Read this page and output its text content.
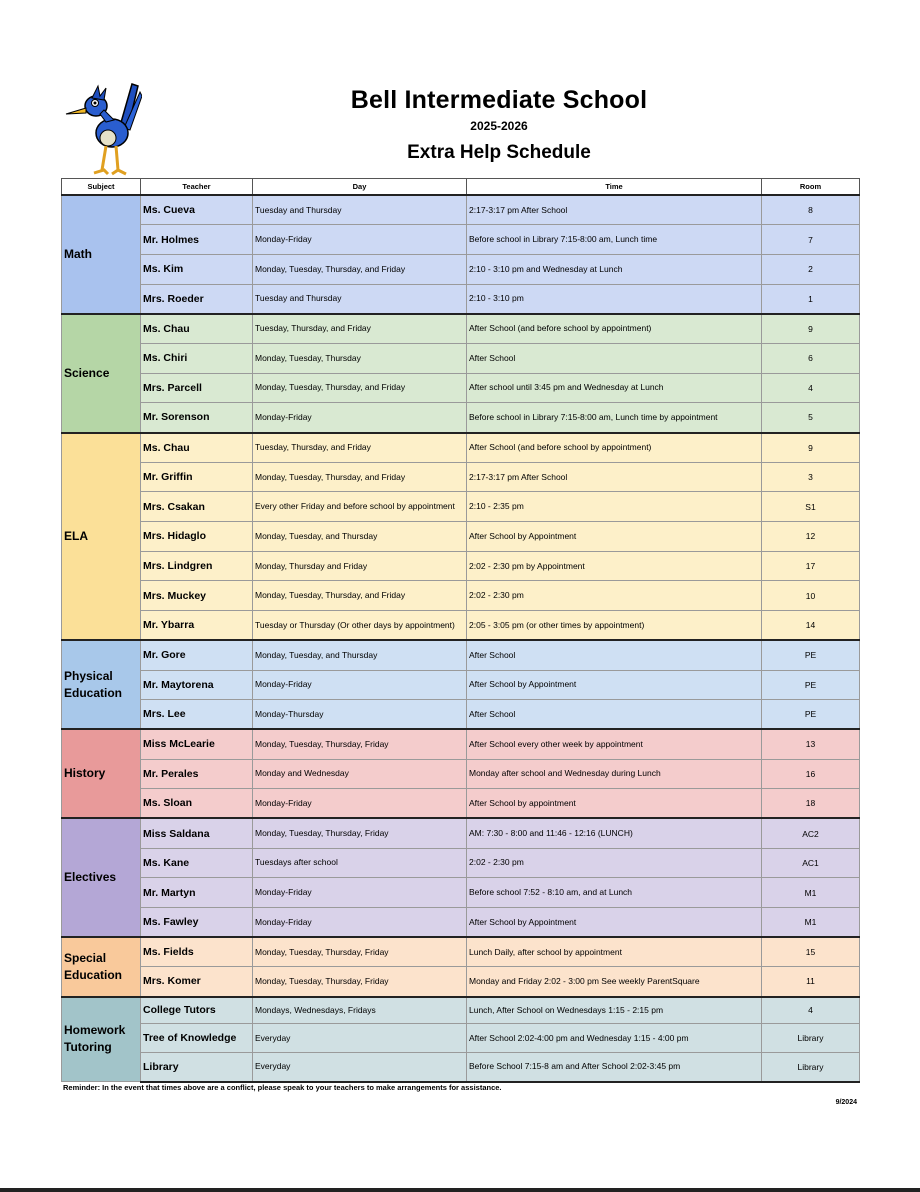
Bell Intermediate School
2025-2026
Extra Help Schedule
Subject	Teacher	Day	Time	Room
Math	Ms. Cueva	Tuesday and Thursday	2:17-3:17 pm After School	8
	Mr. Holmes	Monday-Friday	Before school in Library 7:15-8:00 am, Lunch time	7
	Ms. Kim	Monday, Tuesday, Thursday, and Friday	2:10 - 3:10 pm and Wednesday at Lunch	2
	Mrs. Roeder	Tuesday and Thursday	2:10 - 3:10 pm	1
Science	Ms. Chau	Tuesday, Thursday, and Friday	After School (and before school by appointment)	9
	Ms. Chiri	Monday, Tuesday, Thursday	After School	6
	Mrs. Parcell	Monday, Tuesday, Thursday, and Friday	After school until 3:45 pm and Wednesday at Lunch	4
	Mr. Sorenson	Monday-Friday	Before school in Library 7:15-8:00 am, Lunch time by appointment	5
ELA	Ms. Chau	Tuesday, Thursday, and Friday	After School (and before school by appointment)	9
	Mr. Griffin	Monday, Tuesday, Thursday, and Friday	2:17-3:17 pm After School	3
	Mrs. Csakan	Every other Friday and before school by appointment	2:10 - 2:35 pm	S1
	Mrs. Hidaglo	Monday, Tuesday, and Thursday	After School by Appointment	12
	Mrs. Lindgren	Monday, Thursday and Friday	2:02 - 2:30 pm by Appointment	17
	Mrs. Muckey	Monday, Tuesday, Thursday, and Friday	2:02 - 2:30 pm	10
	Mr. Ybarra	Tuesday or Thursday (Or other days by appointment)	2:05 - 3:05 pm (or other times by appointment)	14
Physical Education	Mr. Gore	Monday, Tuesday, and Thursday	After School	PE
	Mr. Maytorena	Monday-Friday	After School by Appointment	PE
	Mrs. Lee	Monday-Thursday	After School	PE
History	Miss McLearie	Monday, Tuesday, Thursday, Friday	After School every other week by appointment	13
	Mr. Perales	Monday and Wednesday	Monday after school and Wednesday during Lunch	16
	Ms. Sloan	Monday-Friday	After School by appointment	18
Electives	Miss Saldana	Monday, Tuesday, Thursday, Friday	AM: 7:30 - 8:00 and 11:46 - 12:16 (LUNCH)	AC2
	Ms. Kane	Tuesdays after school	2:02 - 2:30 pm	AC1
	Mr. Martyn	Monday-Friday	Before school 7:52 - 8:10 am, and at Lunch	M1
	Ms. Fawley	Monday-Friday	After School by Appointment	M1
Special Education	Ms. Fields	Monday, Tuesday, Thursday, Friday	Lunch Daily, after school by appointment	15
	Mrs. Komer	Monday, Tuesday, Thursday, Friday	Monday and Friday 2:02 - 3:00 pm See weekly ParentSquare	11
Homework Tutoring	College Tutors	Mondays, Wednesdays, Fridays	Lunch, After School on Wednesdays 1:15 - 2:15 pm	4
	Tree of Knowledge	Everyday	After School 2:02-4:00 pm and Wednesday 1:15 - 4:00 pm	Library
	Library	Everyday	Before School 7:15-8 am and After School 2:02-3:45 pm	Library
Reminder: In the event that times above are a conflict, please speak to your teachers to make arrangements for assistance.
9/2024
